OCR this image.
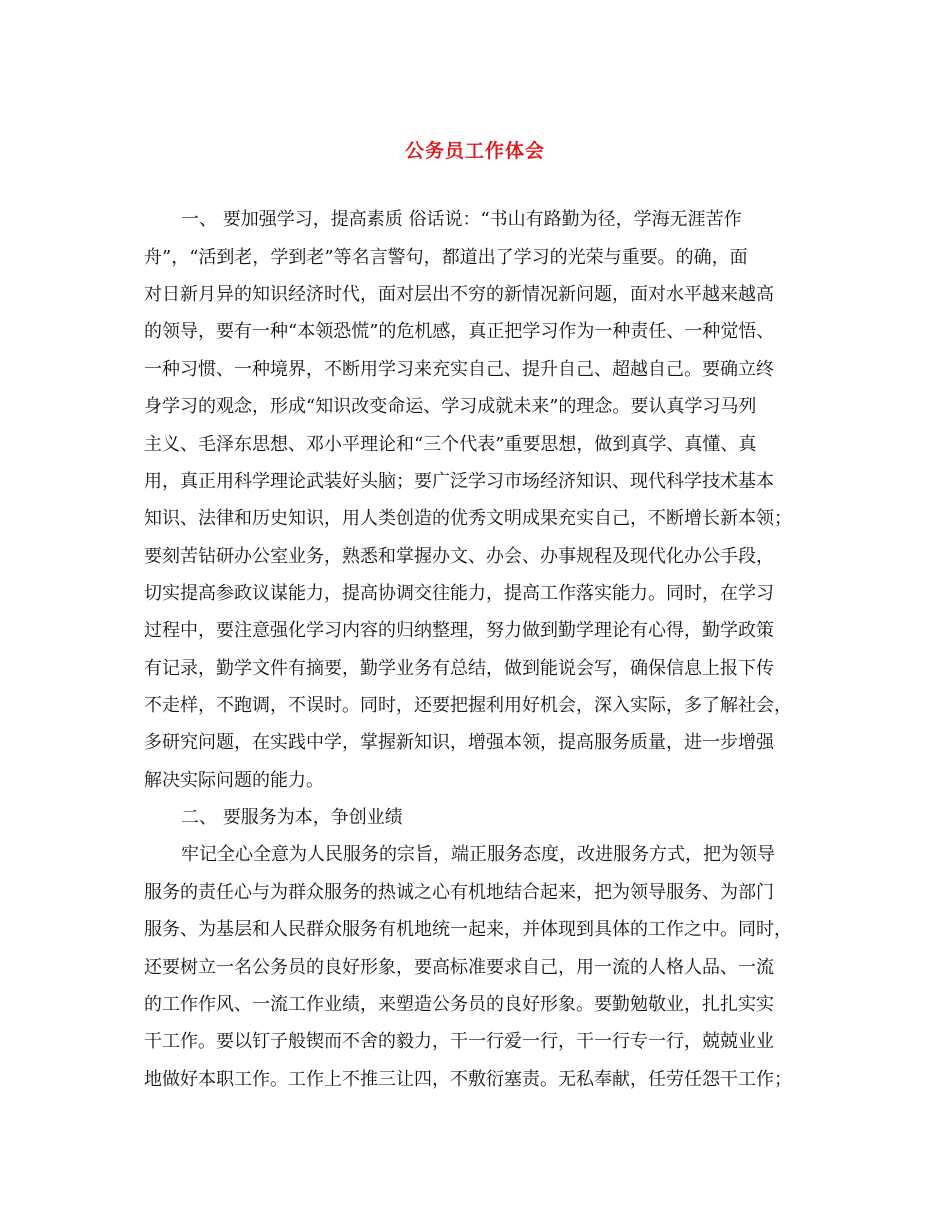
公务员工作体会
一、 要加强学习，提高素质 俗话说：“书山有路勤为径，学海无涯苦作
舟”，“活到老，学到老”等名言警句，都道出了学习的光荣与重要。的确，面
对日新月异的知识经济时代，面对层出不穷的新情况新问题，面对水平越来越高
的领导，要有一种“本领恐慌”的危机感，真正把学习作为一种责任、一种觉悟、
一种习惯、一种境界，不断用学习来充实自己、提升自己、超越自己。要确立终
身学习的观念，形成“知识改变命运、学习成就未来”的理念。要认真学习马列
主义、毛泽东思想、邓小平理论和“三个代表”重要思想，做到真学、真懂、真
用，真正用科学理论武装好头脑；要广泛学习市场经济知识、现代科学技术基本
知识、法律和历史知识，用人类创造的优秀文明成果充实自己，不断增长新本领；
要刻苦钻研办公室业务，熟悉和掌握办文、办会、办事规程及现代化办公手段，
切实提高参政议谋能力，提高协调交往能力，提高工作落实能力。同时，在学习
过程中，要注意强化学习内容的归纳整理，努力做到勤学理论有心得，勤学政策
有记录，勤学文件有摘要，勤学业务有总结，做到能说会写，确保信息上报下传
不走样，不跑调，不误时。同时，还要把握利用好机会，深入实际，多了解社会，
多研究问题，在实践中学，掌握新知识，增强本领，提高服务质量，进一步增强
解决实际问题的能力。
二、 要服务为本，争创业绩
牢记全心全意为人民服务的宗旨，端正服务态度，改进服务方式，把为领导
服务的责任心与为群众服务的热诚之心有机地结合起来，把为领导服务、为部门
服务、为基层和人民群众服务有机地统一起来，并体现到具体的工作之中。同时，
还要树立一名公务员的良好形象，要高标准要求自己，用一流的人格人品、一流
的工作作风、一流工作业绩，来塑造公务员的良好形象。要勤勉敬业，扎扎实实
干工作。要以钉子般锲而不舍的毅力，干一行爱一行，干一行专一行，兢兢业业
地做好本职工作。工作上不推三让四，不敷衍塞责。无私奉献，任劳任怨干工作；
